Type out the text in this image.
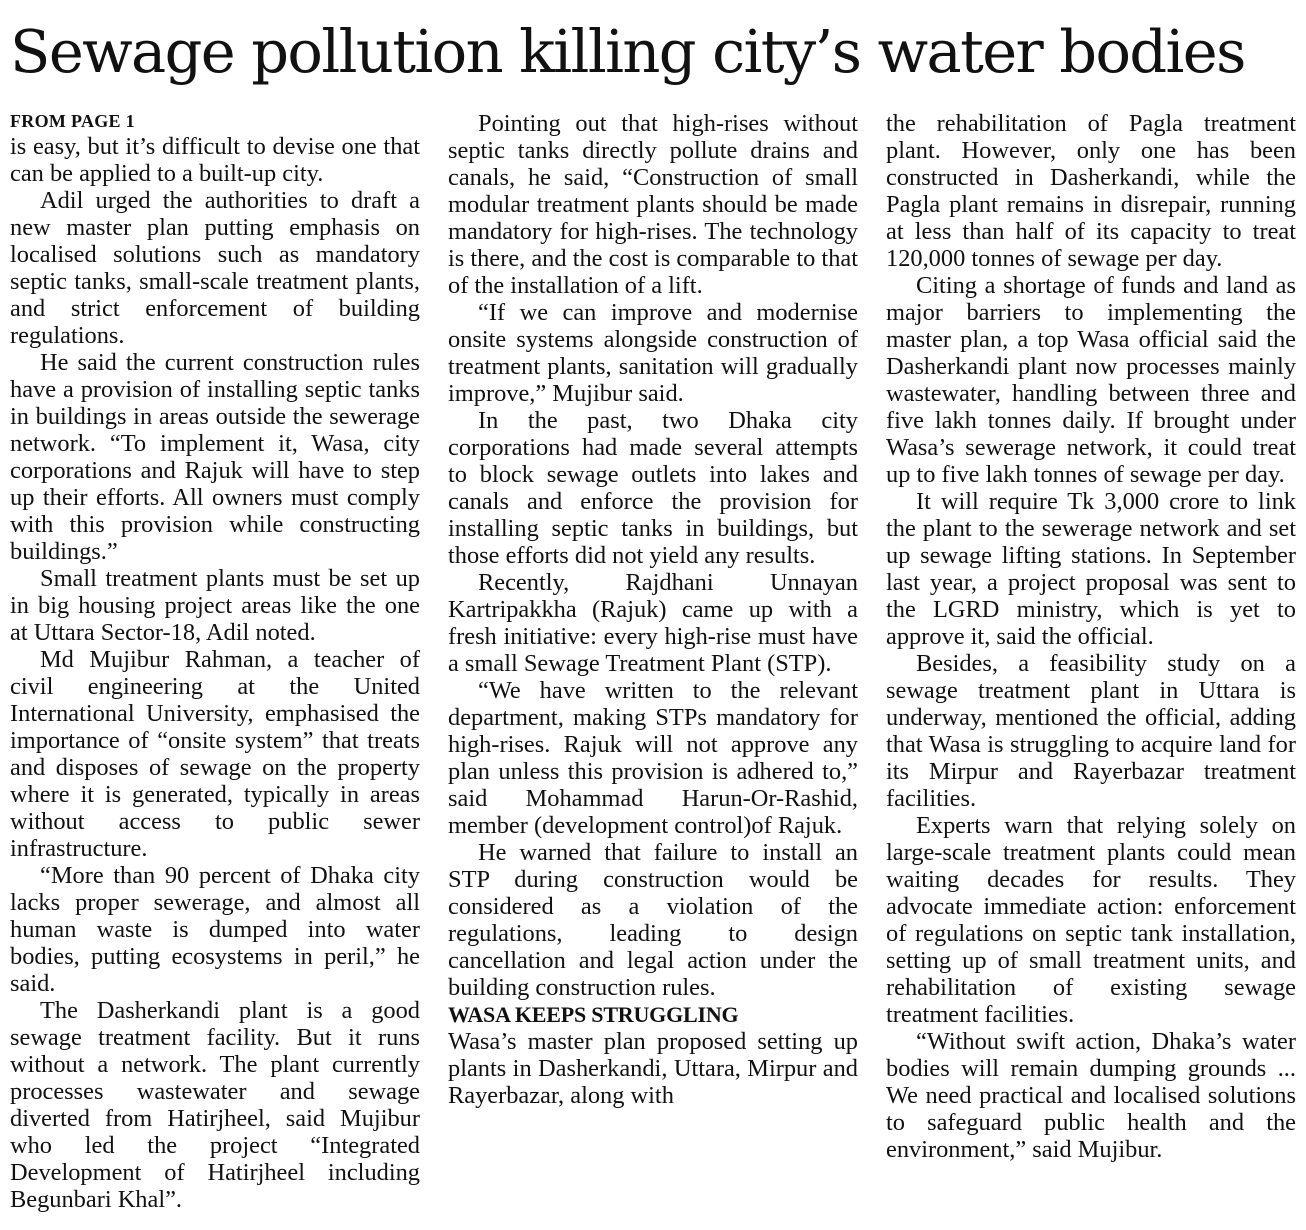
Sewage pollution killing city’s water bodies
FROM PAGE 1

is easy, but it’s difficult to devise one that can be applied to a built-up city.

Adil urged the authorities to draft a new master plan putting emphasis on localised solutions such as mandatory septic tanks, small-scale treatment plants, and strict enforcement of building regulations.

He said the current construction rules have a provision of installing septic tanks in buildings in areas outside the sewerage network. “To implement it, Wasa, city corporations and Rajuk will have to step up their efforts. All owners must comply with this provision while constructing buildings.”

Small treatment plants must be set up in big housing project areas like the one at Uttara Sector-18, Adil noted.

Md Mujibur Rahman, a teacher of civil engineering at the United International University, emphasised the importance of “onsite system” that treats and disposes of sewage on the property where it is generated, typically in areas without access to public sewer infrastructure.

“More than 90 percent of Dhaka city lacks proper sewerage, and almost all human waste is dumped into water bodies, putting ecosystems in peril,” he said.

The Dasherkandi plant is a good sewage treatment facility. But it runs without a network. The plant currently processes wastewater and sewage diverted from Hatirjheel, said Mujibur who led the project “Integrated Development of Hatirjheel including Begunbari Khal”.

Pointing out that high-rises without septic tanks directly pollute drains and canals, he said, “Construction of small modular treatment plants should be made mandatory for high-rises. The technology is there, and the cost is comparable to that of the installation of a lift.

“If we can improve and modernise onsite systems alongside construction of treatment plants, sanitation will gradually improve,” Mujibur said.

In the past, two Dhaka city corporations had made several attempts to block sewage outlets into lakes and canals and enforce the provision for installing septic tanks in buildings, but those efforts did not yield any results.

Recently, Rajdhani Unnayan Kartripakkha (Rajuk) came up with a fresh initiative: every high-rise must have a small Sewage Treatment Plant (STP).

“We have written to the relevant department, making STPs mandatory for high-rises. Rajuk will not approve any plan unless this provision is adhered to,” said Mohammad Harun-Or-Rashid, member (development control)of Rajuk.

He warned that failure to install an STP during construction would be considered as a violation of the regulations, leading to design cancellation and legal action under the building construction rules.

WASA KEEPS STRUGGLING

Wasa’s master plan proposed setting up plants in Dasherkandi, Uttara, Mirpur and Rayerbazar, along with

the rehabilitation of Pagla treatment plant. However, only one has been constructed in Dasherkandi, while the Pagla plant remains in disrepair, running at less than half of its capacity to treat 120,000 tonnes of sewage per day.

Citing a shortage of funds and land as major barriers to implementing the master plan, a top Wasa official said the Dasherkandi plant now processes mainly wastewater, handling between three and five lakh tonnes daily. If brought under Wasa’s sewerage network, it could treat up to five lakh tonnes of sewage per day.

It will require Tk 3,000 crore to link the plant to the sewerage network and set up sewage lifting stations. In September last year, a project proposal was sent to the LGRD ministry, which is yet to approve it, said the official.

Besides, a feasibility study on a sewage treatment plant in Uttara is underway, mentioned the official, adding that Wasa is struggling to acquire land for its Mirpur and Rayerbazar treatment facilities.

Experts warn that relying solely on large-scale treatment plants could mean waiting decades for results. They advocate immediate action: enforcement of regulations on septic tank installation, setting up of small treatment units, and rehabilitation of existing sewage treatment facilities.

“Without swift action, Dhaka’s water bodies will remain dumping grounds ... We need practical and localised solutions to safeguard public health and the environment,” said Mujibur.
